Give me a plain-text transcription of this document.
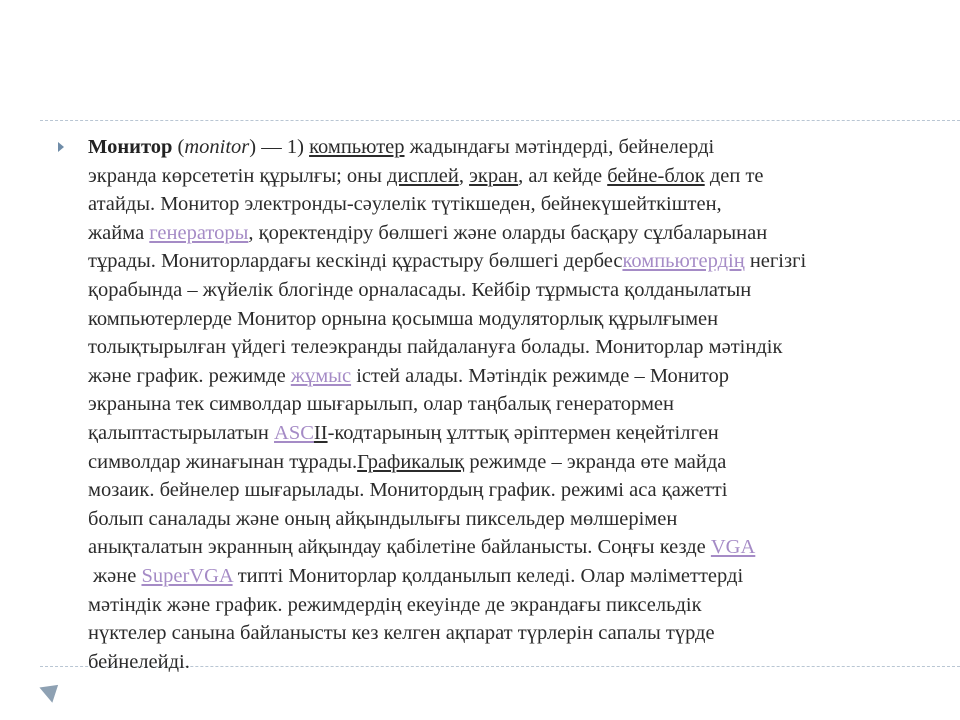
Монитор (monitor) — 1) компьютер жадындағы мәтіндерді, бейнелерді
экранда көрсететін құрылғы; оны дисплей, экран, ал кейде бейне-блок деп те
атайды. Монитор электронды-сәулелік түтікшеден, бейнекүшейткіштен,
жайма генераторы, қоректендіру бөлшегі және оларды басқару сұлбаларынан
тұрады. Мониторлардағы кескінді құрастыру бөлшегі дербескомпьютердің негізгі
қорабында – жүйелік блогінде орналасады. Кейбір тұрмыста қолданылатын
компьютерлерде Монитор орнына қосымша модуляторлық құрылғымен
толықтырылған үйдегі телеэкранды пайдалануға болады. Мониторлар мәтіндік
және график. режимде жұмыс істей алады. Мәтіндік режимде – Монитор
экранына тек символдар шығарылып, олар таңбалық генератормен
қалыптастырылатын ASCII-кодтарының ұлттық әріптермен кеңейтілген
символдар жинағынан тұрады.Графикалық режимде – экранда өте майда
мозаик. бейнелер шығарылады. Монитордың график. режимі аса қажетті
болып саналады және оның айқындылығы пиксельдер мөлшерімен
анықталатын экранның айқындау қабілетіне байланысты. Соңғы кезде VGA
және SuperVGA типті Мониторлар қолданылып келеді. Олар мәліметтерді
мәтіндік және график. режимдердің екеуінде де экрандағы пиксельдік
нүктелер санына байланысты кез келген ақпарат түрлерін сапалы түрде
бейнелейді.
